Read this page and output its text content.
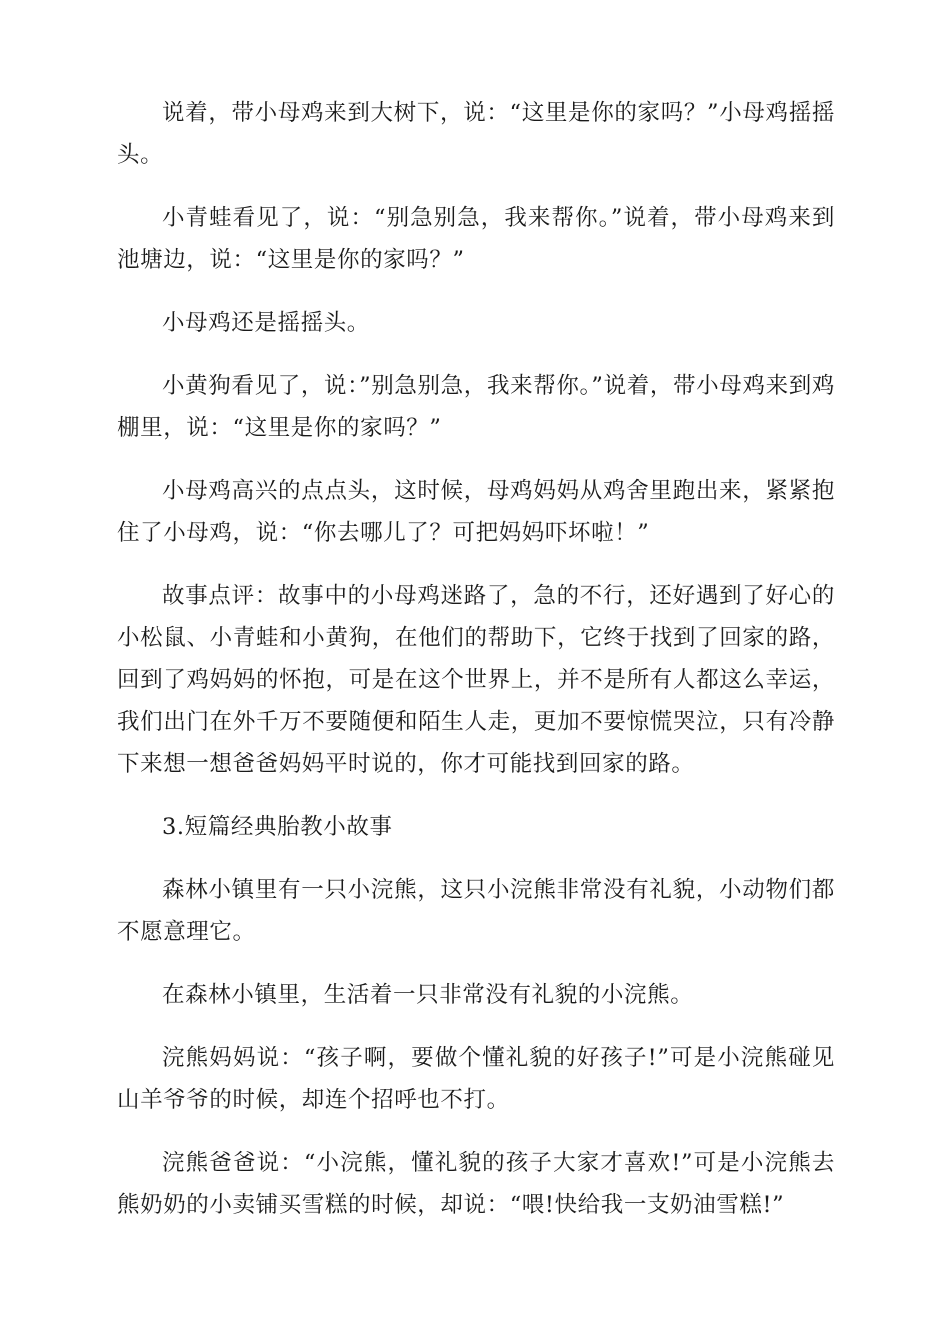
说着，带小母鸡来到大树下，说：“这里是你的家吗？”小母鸡摇摇头。

小青蛙看见了，说：“别急别急，我来帮你。”说着，带小母鸡来到池塘边，说：“这里是你的家吗？”

小母鸡还是摇摇头。

小黄狗看见了，说：”别急别急，我来帮你。”说着，带小母鸡来到鸡棚里，说：“这里是你的家吗？”

小母鸡高兴的点点头，这时候，母鸡妈妈从鸡舍里跑出来，紧紧抱住了小母鸡，说：“你去哪儿了？可把妈妈吓坏啦！”

故事点评：故事中的小母鸡迷路了，急的不行，还好遇到了好心的小松鼠、小青蛙和小黄狗，在他们的帮助下，它终于找到了回家的路，回到了鸡妈妈的怀抱，可是在这个世界上，并不是所有人都这么幸运，我们出门在外千万不要随便和陌生人走，更加不要惊慌哭泣，只有冷静下来想一想爸爸妈妈平时说的，你才可能找到回家的路。

3.短篇经典胎教小故事

森林小镇里有一只小浣熊，这只小浣熊非常没有礼貌，小动物们都不愿意理它。

在森林小镇里，生活着一只非常没有礼貌的小浣熊。

浣熊妈妈说：“孩子啊，要做个懂礼貌的好孩子!”可是小浣熊碰见山羊爷爷的时候，却连个招呼也不打。

浣熊爸爸说：“小浣熊，懂礼貌的孩子大家才喜欢!”可是小浣熊去熊奶奶的小卖铺买雪糕的时候，却说：“喂!快给我一支奶油雪糕!”
